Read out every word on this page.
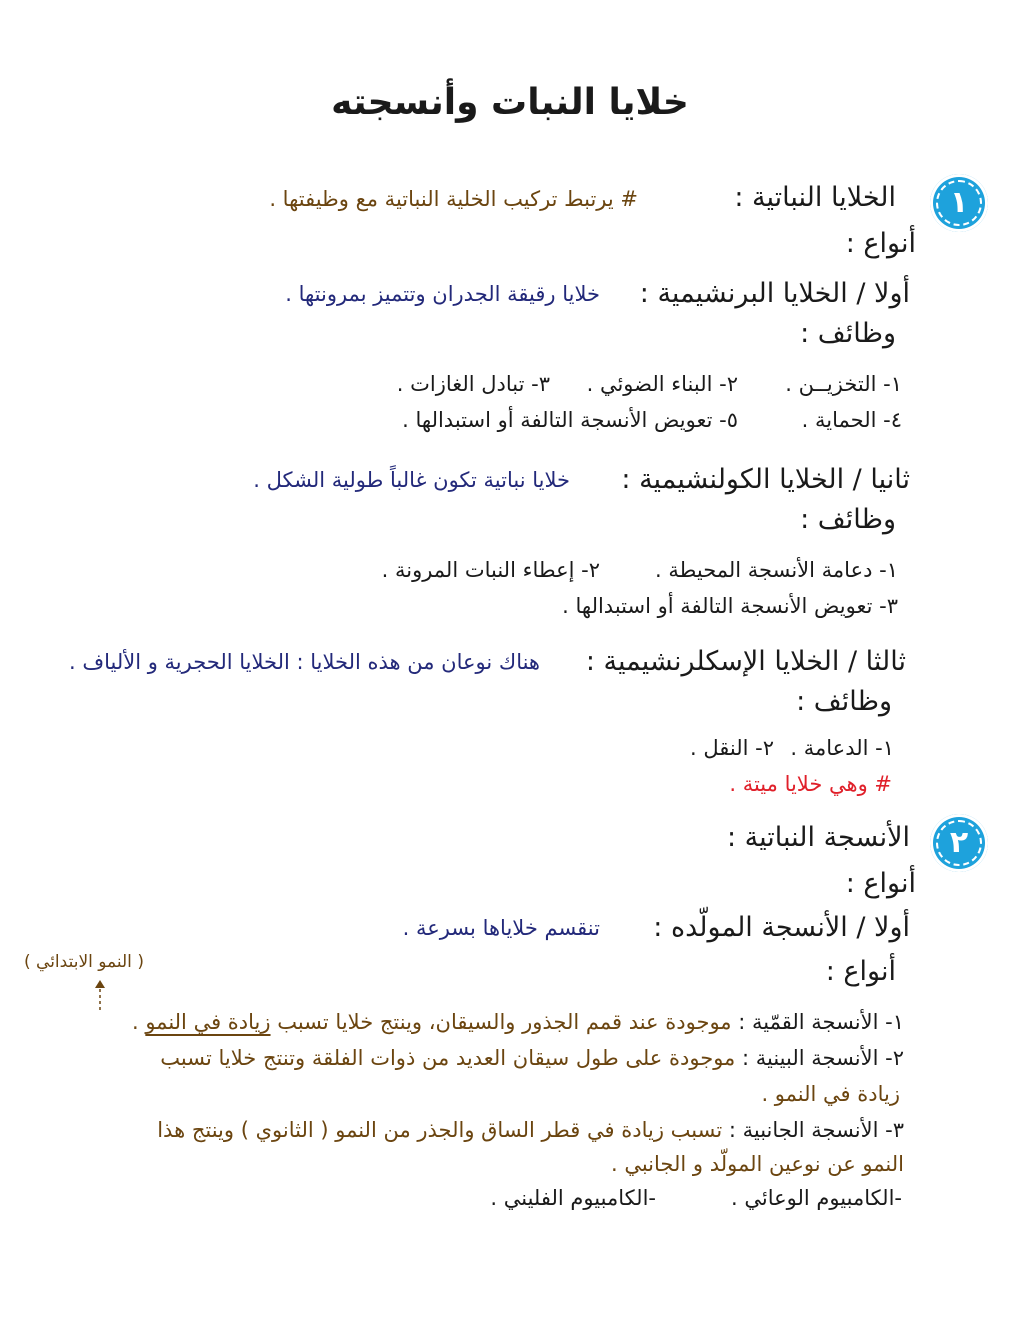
خلايا النبات وأنسجته
١
الخلايا النباتية :
# يرتبط تركيب الخلية النباتية مع وظيفتها .
أنواع :
أولا / الخلايا البرنشيمية :
خلايا رقيقة الجدران وتتميز بمرونتها .
وظائف :
١- التخزيــن .
٢- البناء الضوئي .
٣- تبادل الغازات .
٤- الحماية .
٥- تعويض الأنسجة التالفة أو استبدالها .
ثانيا / الخلايا الكولنشيمية :
خلايا نباتية تكون غالباً طولية الشكل .
وظائف :
١- دعامة الأنسجة المحيطة .
٢- إعطاء النبات المرونة .
٣- تعويض الأنسجة التالفة أو استبدالها .
ثالثا / الخلايا الإسكلرنشيمية :
هناك نوعان من هذه الخلايا : الخلايا الحجرية و الألياف .
وظائف :
١- الدعامة .
٢- النقل .
# وهي خلايا ميتة .
٢
الأنسجة النباتية :
أنواع :
أولا / الأنسجة المولّده :
تنقسم خلاياها بسرعة .
أنواع :
( النمو الابتدائي )
١- الأنسجة القمّية : موجودة عند قمم الجذور والسيقان، وينتج خلايا تسبب زيادة في النمو .
٢- الأنسجة البينية : موجودة على طول سيقان العديد من ذوات الفلقة وتنتج خلايا تسبب
زيادة في النمو .
٣- الأنسجة الجانبية : تسبب زيادة في قطر الساق والجذر من النمو ( الثانوي ) وينتج هذا
النمو عن نوعين المولّد و الجانبي .
-الكامبيوم الوعائي .
-الكامبيوم الفليني .
